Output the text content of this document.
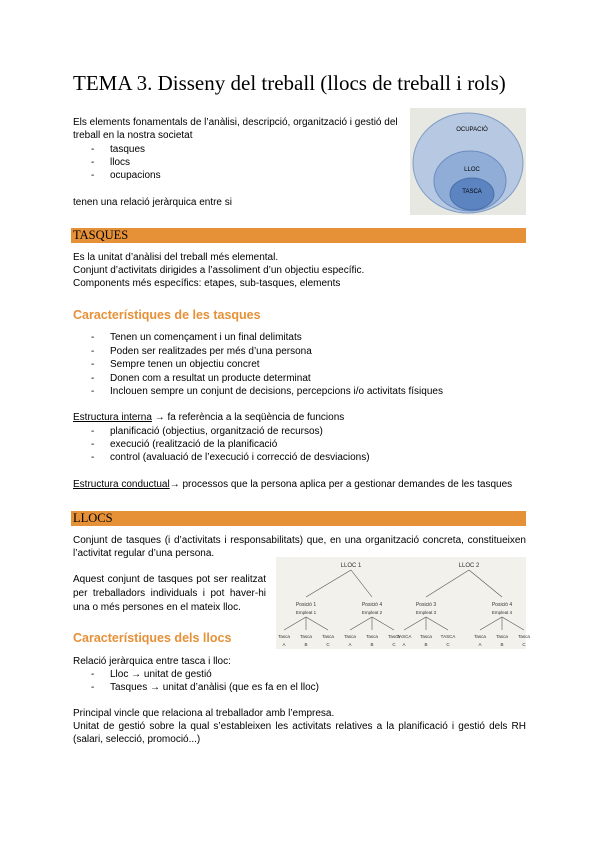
TEMA 3. Disseny del treball (llocs de treball i rols)
Els elements fonamentals de l’anàlisi, descripció, organització i gestió del
treball en la nostra societat
- tasques
- llocs
- ocupacions
tenen una relació jeràrquica entre si
OCUPACIÓ
LLOC
TASCA
TASQUES
Es la unitat d’anàlisi del treball més elemental.
Conjunt d’activitats dirigides a l’assoliment d’un objectiu específic.
Components més específics: etapes, sub-tasques, elements
Característiques de les tasques
- Tenen un començament i un final delimitats
- Poden ser realitzades per més d’una persona
- Sempre tenen un objectiu concret
- Donen com a resultat un producte determinat
- Inclouen sempre un conjunt de decisions, percepcions i/o activitats físiques
Estructura interna → fa referència a la seqüència de funcions
- planificació (objectius, organització de recursos)
- execució (realització de la planificació
- control (avaluació de l’execució i correcció de desviacions)
Estructura conductual→ processos que la persona aplica per a gestionar demandes de les tasques
LLOCS
Conjunt de tasques (i d’activitats i responsabilitats) que, en una organització concreta, constitueixen
l’activitat regular d’una persona.
Aquest conjunt de tasques pot ser realitzat
per treballadors individuals i pot haver-hi
una o més persones en el mateix lloc.
Característiques dels llocs
LLOC 1	LLOC 2
Posició 1
Empleat 1
Posició 4
Empleat 2
Posició 3
Empleat 3
Posició 4
Empleat 4
Tasca
A
Tasca
B
Tasca
C
Tasca
A
Tasca
B
Tasca
C
TASCA
A
Tasca
B
TASCA
C
Tasca
A
Tasca
B
Tasca
C
Relació jeràrquica entre tasca i lloc:
- Lloc → unitat de gestió
- Tasques → unitat d’anàlisi (que es fa en el lloc)
Principal vincle que relaciona al treballador amb l’empresa.
Unitat de gestió sobre la qual s’estableixen les activitats relatives a la planificació i gestió dels RH
(salari, selecció, promoció...)
